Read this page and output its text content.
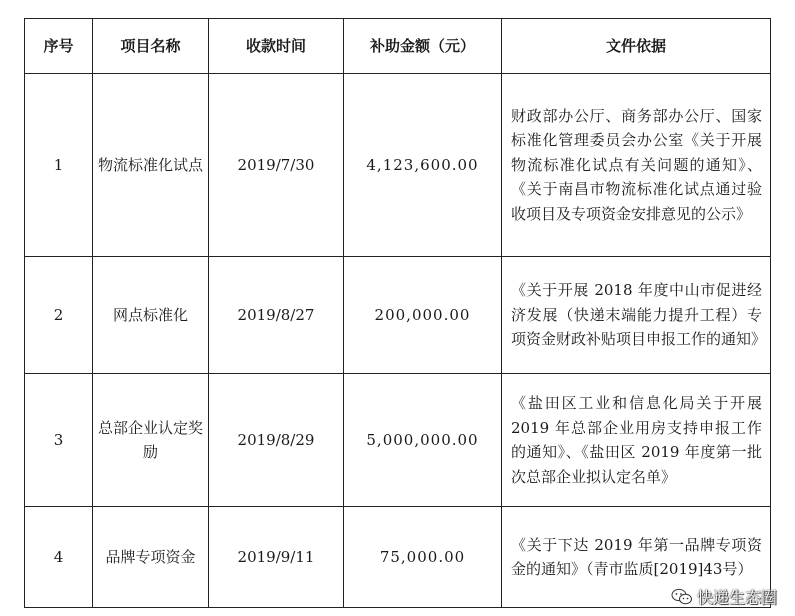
序号	项目名称	收款时间	补助金额（元）	文件依据
1	物流标准化试点	2019/7/30	4,123,600.00	财政部办公厅、商务部办公厅、国家标准化管理委员会办公室《关于开展物流标准化试点有关问题的通知》、《关于南昌市物流标准化试点通过验收项目及专项资金安排意见的公示》
2	网点标准化	2019/8/27	200,000.00	《关于开展 2018 年度中山市促进经济发展（快递末端能力提升工程）专项资金财政补贴项目申报工作的通知》
3	总部企业认定奖励	2019/8/29	5,000,000.00	《盐田区工业和信息化局关于开展 2019 年总部企业用房支持申报工作的通知》、《盐田区 2019 年度第一批次总部企业拟认定名单》
4	品牌专项资金	2019/9/11	75,000.00	《关于下达 2019 年第一品牌专项资金的通知》（青市监质[2019]43号）
快递生态圈
